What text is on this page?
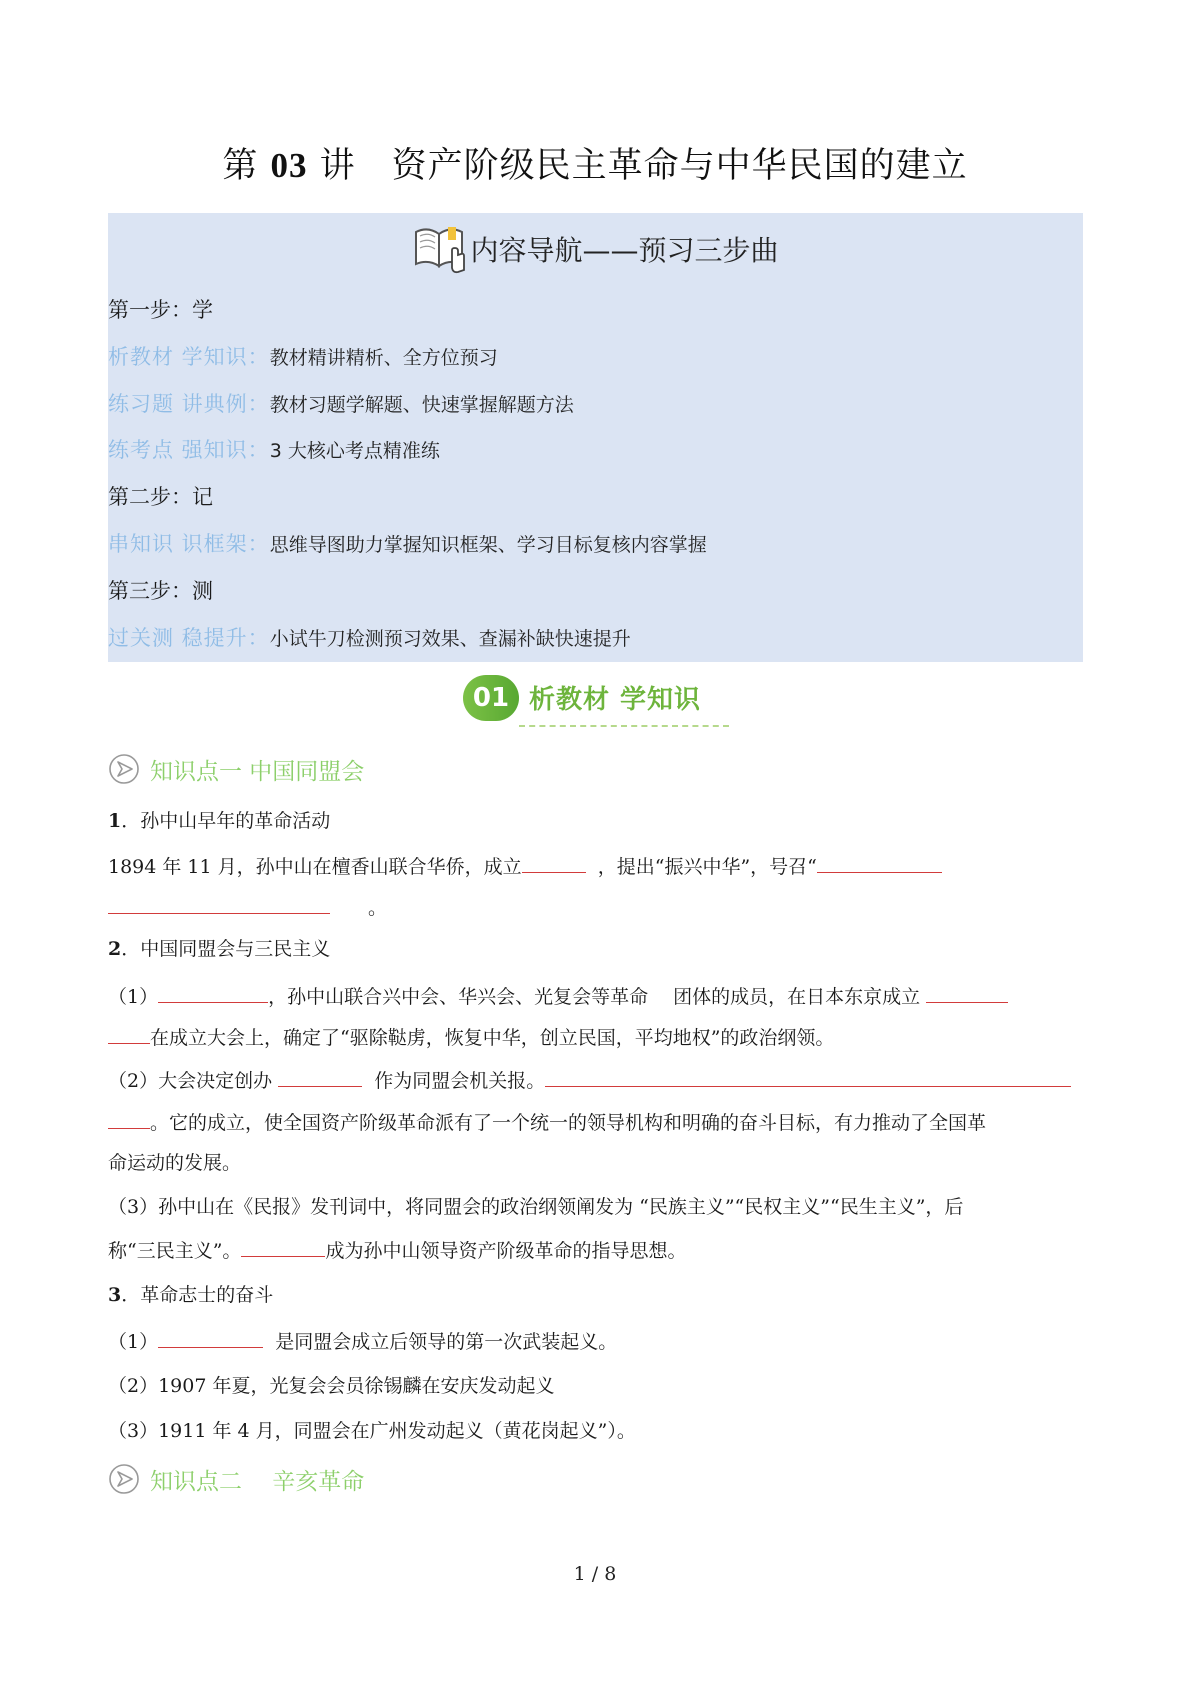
第 03 讲　资产阶级民主革命与中华民国的建立
内容导航——预习三步曲
第一步：学
析教材 学知识：教材精讲精析、全方位预习
练习题 讲典例：教材习题学解题、快速掌握解题方法
练考点 强知识：3 大核心考点精准练
第二步：记
串知识 识框架：思维导图助力掌握知识框架、学习目标复核内容掌握
第三步：测
过关测 稳提升：小试牛刀检测预习效果、查漏补缺快速提升
01 析教材 学知识
知识点一 中国同盟会
1．孙中山早年的革命活动
1894 年 11 月，孙中山在檀香山联合华侨，成立	，提出“振兴中华”，号召“
。
2．中国同盟会与三民主义
（1）	，孙中山联合兴中会、华兴会、光复会等革命　 团体的成员，在日本东京成立
在成立大会上，确定了“驱除鞑虏，恢复中华，创立民国，平均地权”的政治纲领。
（2）大会决定创办	作为同盟会机关报。
。它的成立，使全国资产阶级革命派有了一个统一的领导机构和明确的奋斗目标，有力推动了全国革
命运动的发展。
（3）孙中山在《民报》发刊词中，将同盟会的政治纲领阐发为 “民族主义”“民权主义”“民生主义”，后
称“三民主义”。	成为孙中山领导资产阶级革命的指导思想。
3．革命志士的奋斗
（1）	是同盟会成立后领导的第一次武装起义。
（2）1907 年夏，光复会会员徐锡麟在安庆发动起义
（3）1911 年 4 月，同盟会在广州发动起义（黄花岗起义”）。
知识点二　 辛亥革命
1 / 8
